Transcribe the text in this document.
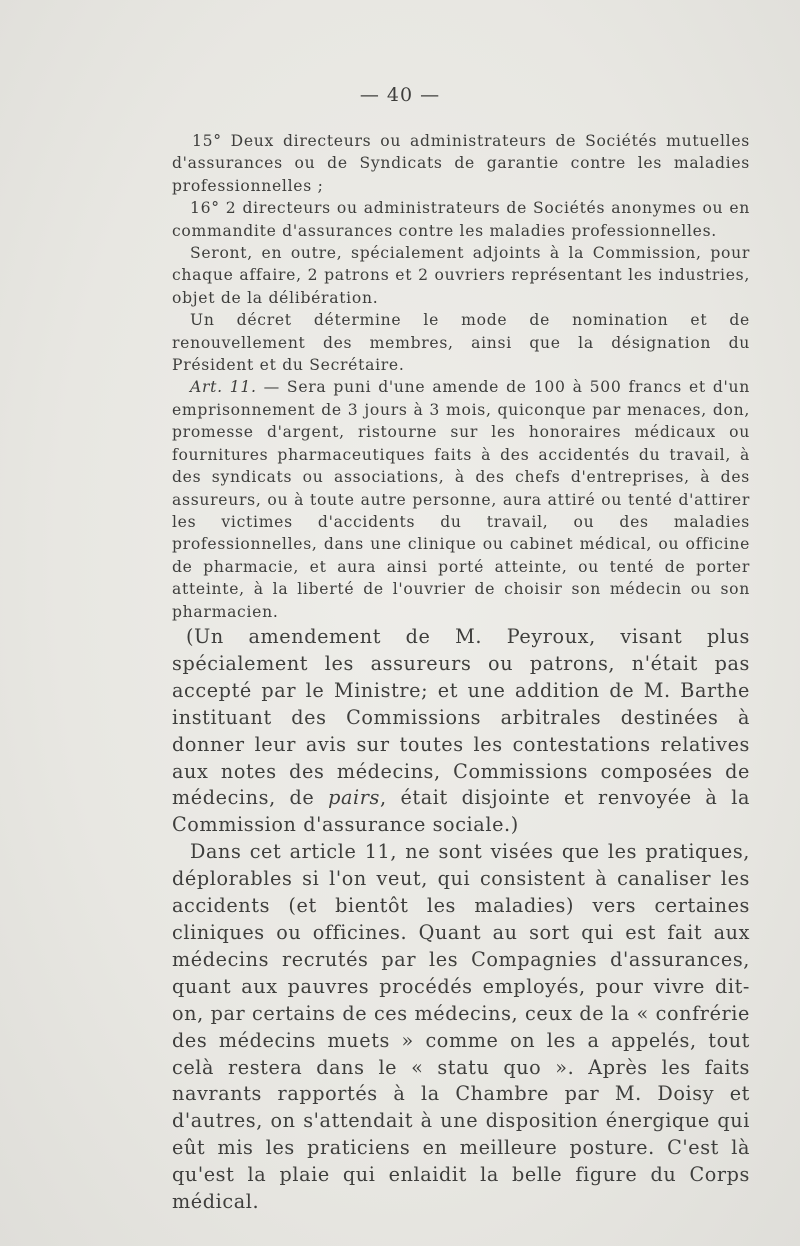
— 40 —

15° Deux directeurs ou administrateurs de Sociétés mutuelles d'assurances ou de Syndicats de garantie contre les maladies professionnelles ;

16° 2 directeurs ou administrateurs de Sociétés anonymes ou en commandite d'assurances contre les maladies professionnelles.

Seront, en outre, spécialement adjoints à la Commission, pour chaque affaire, 2 patrons et 2 ouvriers représentant les industries, objet de la délibération.

Un décret détermine le mode de nomination et de renouvellement des membres, ainsi que la désignation du Président et du Secrétaire.

Art. 11. — Sera puni d'une amende de 100 à 500 francs et d'un emprisonnement de 3 jours à 3 mois, quiconque par menaces, don, promesse d'argent, ristourne sur les honoraires médicaux ou fournitures pharmaceutiques faits à des accidentés du travail, à des syndicats ou associations, à des chefs d'entreprises, à des assureurs, ou à toute autre personne, aura attiré ou tenté d'attirer les victimes d'accidents du travail, ou des maladies professionnelles, dans une clinique ou cabinet médical, ou officine de pharmacie, et aura ainsi porté atteinte, ou tenté de porter atteinte, à la liberté de l'ouvrier de choisir son médecin ou son pharmacien.

(Un amendement de M. Peyroux, visant plus spécialement les assureurs ou patrons, n'était pas accepté par le Ministre; et une addition de M. Barthe instituant des Commissions arbitrales destinées à donner leur avis sur toutes les contestations relatives aux notes des médecins, Commissions composées de médecins, de pairs, était disjointe et renvoyée à la Commission d'assurance sociale.)

Dans cet article 11, ne sont visées que les pratiques, déplorables si l'on veut, qui consistent à canaliser les accidents (et bientôt les maladies) vers certaines cliniques ou officines. Quant au sort qui est fait aux médecins recrutés par les Compagnies d'assurances, quant aux pauvres procédés employés, pour vivre dit-on, par certains de ces médecins, ceux de la « confrérie des médecins muets » comme on les a appelés, tout celà restera dans le « statu quo ». Après les faits navrants rapportés à la Chambre par M. Doisy et d'autres, on s'attendait à une disposition énergique qui eût mis les praticiens en meilleure posture. C'est là qu'est la plaie qui enlaidit la belle figure du Corps médical.
